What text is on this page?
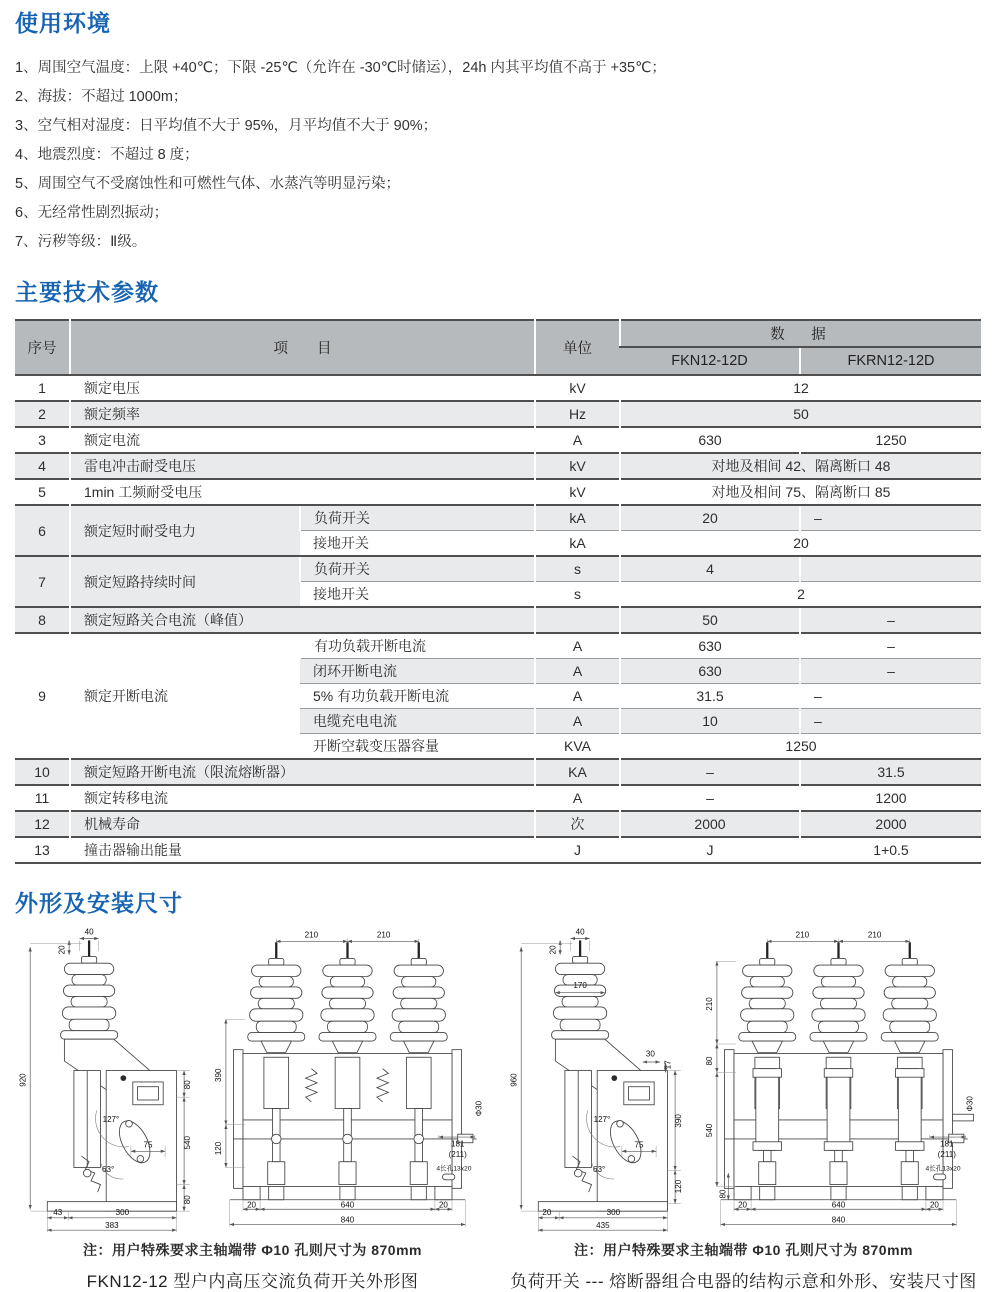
使用环境
1、周围空气温度：上限 +40℃；下限 -25℃（允许在 -30℃时储运），24h 内其平均值不高于 +35℃；
2、海拔：不超过 1000m；
3、空气相对湿度：日平均值不大于 95%，月平均值不大于 90%；
4、地震烈度：不超过 8 度；
5、周围空气不受腐蚀性和可燃性气体、水蒸汽等明显污染；
6、无经常性剧烈振动；
7、污秽等级：Ⅱ级。
主要技术参数
序号	项　　目		单位	数　据	
				FKN12-12D	FKRN12-12D
1	额定电压		kV	12	
2	额定频率		Hz	50	
3	额定电流		A	630	1250
4	雷电冲击耐受电压		kV	对地及相间 42、隔离断口 48	
5	1min 工频耐受电压		kV	对地及相间 75、隔离断口 85	
6	额定短时耐受电力	负荷开关	kA	20	–
		接地开关	kA	20	
7	额定短路持续时间	负荷开关	s	4	
		接地开关	s	2	
8	额定短路关合电流（峰值）			50	–
9	额定开断电流	有功负载开断电流	A	630	–
		闭环开断电流	A	630	–
		5% 有功负载开断电流	A	31.5	–
		电缆充电电流	A	10	–
		开断空载变压器容量	KVA	1250	
10	额定短路开断电流（限流熔断器）		KA	–	31.5
11	额定转移电流		A	–	1200
12	机械寿命		次	2000	2000
13	撞击器输出能量		J	J	1+0.5
外形及安装尺寸
40
20
920	80
540
80
127°
63°
75
43	300
383
210	210
390
120
Φ30
181
(211)
4长孔13x20
20	640	20
840
注：用户特殊要求主轴端带 Φ10 孔则尺寸为 870mm
FKN12-12 型户内高压交流负荷开关外形图
40
20
170
960
30
17
390
127°
63°
75
120
20	300
435
210	210
210
80
540
Φ30
181
(211)
4长孔13x20
80
20	640	20
840
注：用户特殊要求主轴端带 Φ10 孔则尺寸为 870mm
负荷开关 --- 熔断器组合电器的结构示意和外形、安装尺寸图
